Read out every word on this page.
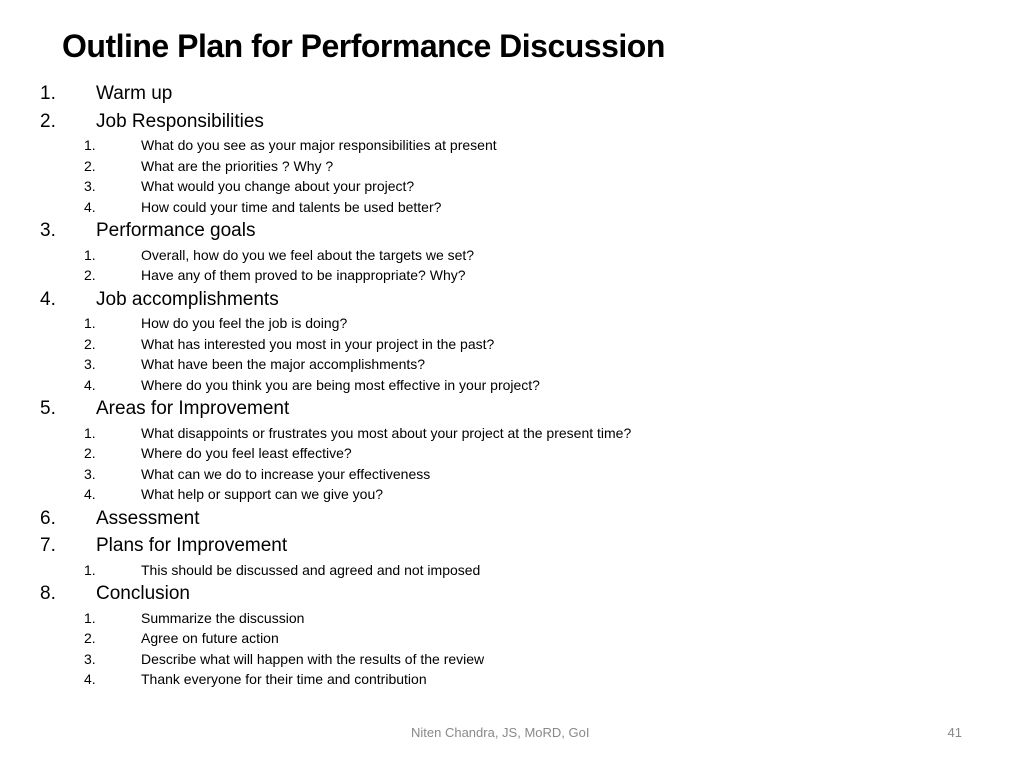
Outline Plan for Performance Discussion
1. Warm up
2. Job Responsibilities
1.	What do you see as your major responsibilities at present
2.	What are the priorities ? Why ?
3.	What would you change about your project?
4.	How could your time and talents be used better?
3. Performance goals
1.	Overall, how do you we feel about the targets we set?
2.	Have any of them proved to be inappropriate? Why?
4. Job accomplishments
1.	How do you feel the job is doing?
2.	What has interested you most in your project in the past?
3.	What have been the major accomplishments?
4.	Where do you think you are being most effective in your project?
5. Areas for Improvement
1.	What disappoints or frustrates you most about your project at the present time?
2.	Where do you feel least effective?
3.	What can we do to increase your effectiveness
4.	What help or support can we give you?
6. Assessment
7. Plans for Improvement
1.	This should be discussed and agreed and not imposed
8. Conclusion
1.	Summarize the discussion
2.	Agree on future action
3.	Describe what will happen with the results of the review
4.	Thank everyone for their time and contribution
Niten Chandra, JS, MoRD, GoI	41
